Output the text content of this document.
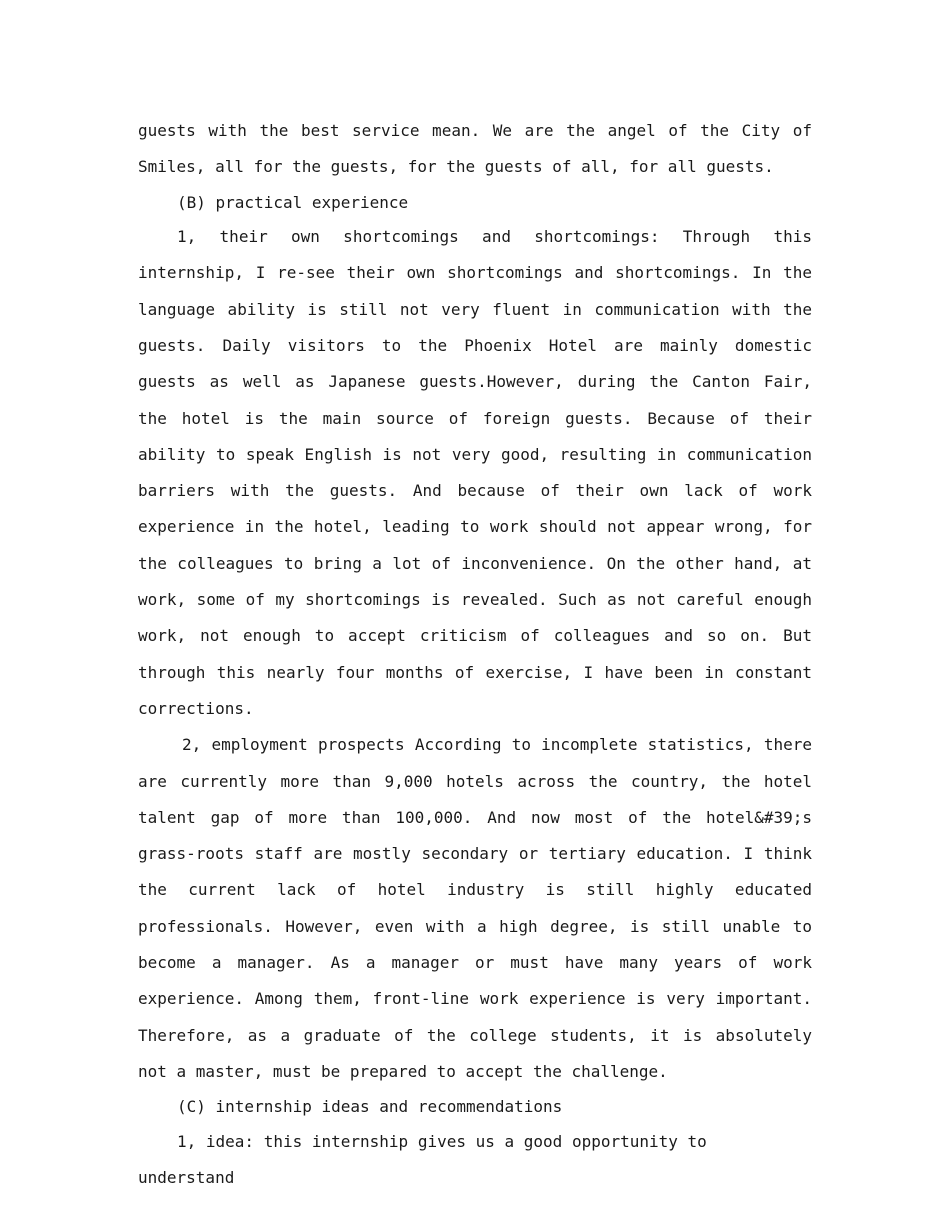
guests with the best service mean. We are the angel of the City of Smiles, all for the guests, for the guests of all, for all guests.

(B) practical experience

1, their own shortcomings and shortcomings: Through this internship, I re-see their own shortcomings and shortcomings. In the language ability is still not very fluent in communication with the guests. Daily visitors to the Phoenix Hotel are mainly domestic guests as well as Japanese guests.However, during the Canton Fair, the hotel is the main source of foreign guests. Because of their ability to speak English is not very good, resulting in communication barriers with the guests. And because of their own lack of work experience in the hotel, leading to work should not appear wrong, for the colleagues to bring a lot of inconvenience. On the other hand, at work, some of my shortcomings is revealed. Such as not careful enough work, not enough to accept criticism of colleagues and so on. But through this nearly four months of exercise, I have been in constant corrections.

2, employment prospects According to incomplete statistics, there are currently more than 9,000 hotels across the country, the hotel talent gap of more than 100,000. And now most of the hotel&#39;s grass-roots staff are mostly secondary or tertiary education. I think the current lack of hotel industry is still highly educated professionals. However, even with a high degree, is still unable to become a manager. As a manager or must have many years of work experience. Among them, front-line work experience is very important. Therefore, as a graduate of the college students, it is absolutely not a master, must be prepared to accept the challenge.

(C) internship ideas and recommendations

1, idea: this internship gives us a good opportunity to understand
